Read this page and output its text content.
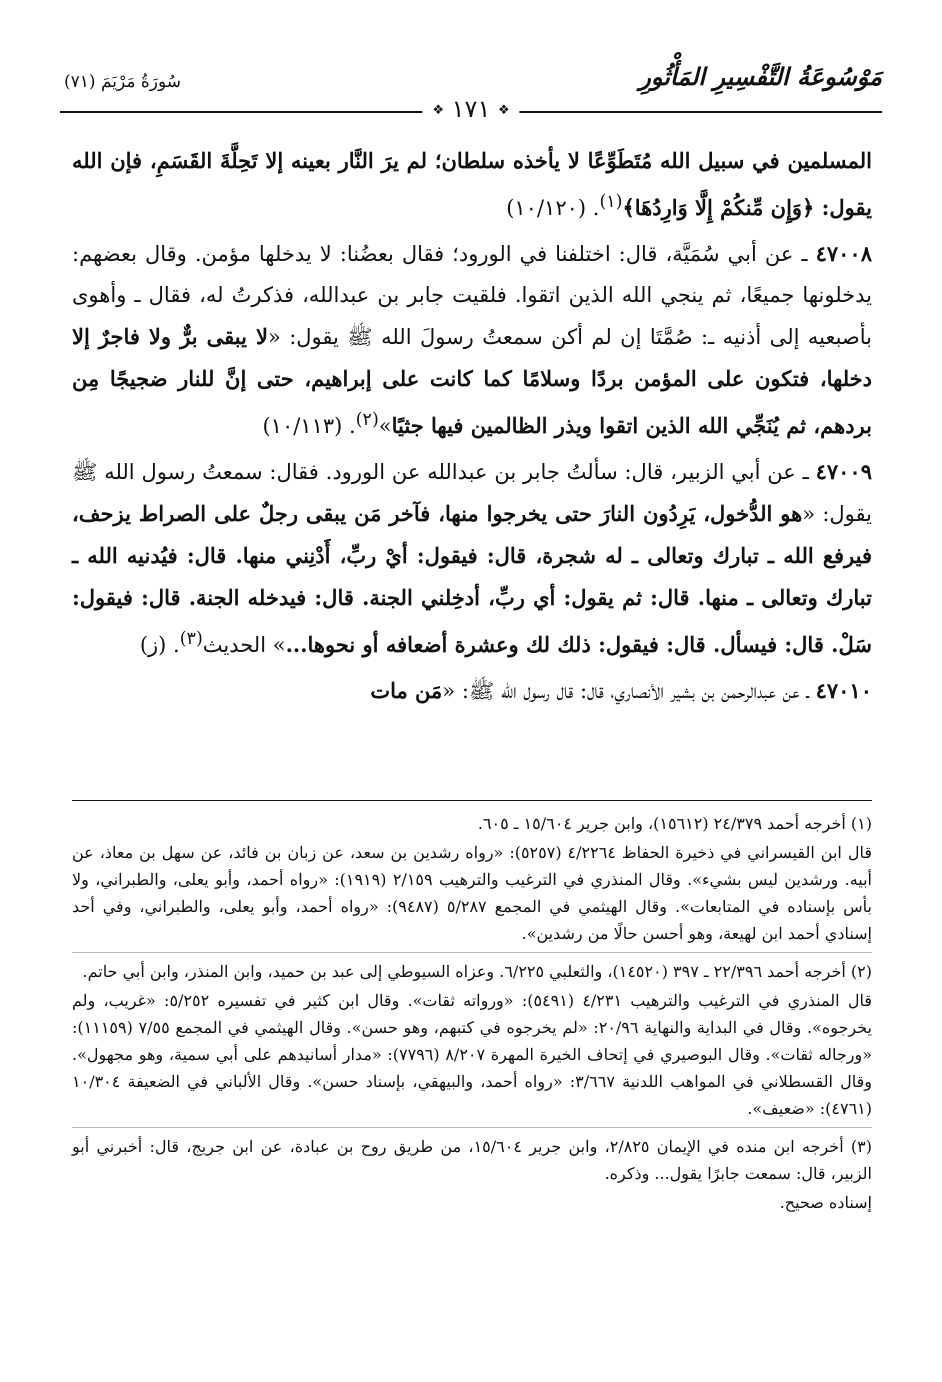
سُورَةُ مَرْيَمَ (٧١)	مَوْسُوعَةُ التَّفْسِيرِ المَأْثُورِ
❖ ١٧١ ❖

المسلمين في سبيل الله مُتَطَوِّعًا لا يأخذه سلطان؛ لم يرَ النَّار بعينه إلا تَحِلَّةَ القَسَمِ، فإن الله يقول: ﴿وَإِن مِّنكُمْ إِلَّا وَارِدُهَا﴾$^{(١)}$. (١٠/١٢٠)

٤٧٠٠٨ ـ عن أبي سُمَيَّة، قال: اختلفنا في الورود؛ فقال بعضُنا: لا يدخلها مؤمن. وقال بعضهم: يدخلونها جميعًا، ثم ينجي الله الذين اتقوا. فلقيت جابر بن عبدالله، فذكرتُ له، فقال ـ وأهوى بأصبعيه إلى أذنيه ـ: صُمَّتَا إن لم أكن سمعتُ رسولَ الله ﷺ يقول: «لا يبقى برٌّ ولا فاجرٌ إلا دخلها، فتكون على المؤمن بردًا وسلامًا كما كانت على إبراهيم، حتى إنَّ للنار ضجيجًا مِن بردهم، ثم يُنَجِّي الله الذين اتقوا ويذر الظالمين فيها جثيًا»$^{(٢)}$. (١٠/١١٣)

٤٧٠٠٩ ـ عن أبي الزبير، قال: سألتُ جابر بن عبدالله عن الورود. فقال: سمعتُ رسول الله ﷺ يقول: «هو الدُّخول، يَرِدُون النارَ حتى يخرجوا منها، فآخر مَن يبقى رجلٌ على الصراط يزحف، فيرفع الله ـ تبارك وتعالى ـ له شجرة، قال: فيقول: أيْ ربِّ، أَدْنِني منها. قال: فيُدنيه الله ـ تبارك وتعالى ـ منها. قال: ثم يقول: أي ربِّ، أدخِلني الجنة. قال: فيدخله الجنة. قال: فيقول: سَلْ. قال: فيسأل. قال: فيقول: ذلك لك وعشرة أضعافه أو نحوها...» الحديث$^{(٣)}$. (ز)

٤٧٠١٠ ـ عن عبدالرحمن بن بشير الأنصاري، قال: قال رسول الله ﷺ: «مَن مات

(١) أخرجه أحمد ٢٤/٣٧٩ (١٥٦١٢)، وابن جرير ١٥/٦٠٤ ـ ٦٠٥.

قال ابن القيسراني في ذخيرة الحفاظ ٤/٢٢٦٤ (٥٢٥٧): «رواه رشدين بن سعد، عن زبان بن فائد، عن سهل بن معاذ، عن أبيه. ورشدين ليس بشيء». وقال المنذري في الترغيب والترهيب ٢/١٥٩ (١٩١٩): «رواه أحمد، وأبو يعلى، والطبراني، ولا بأس بإسناده في المتابعات». وقال الهيثمي في المجمع ٥/٢٨٧ (٩٤٨٧): «رواه أحمد، وأبو يعلى، والطبراني، وفي أحد إسنادي أحمد ابن لهيعة، وهو أحسن حالًا من رشدين».

(٢) أخرجه أحمد ٢٢/٣٩٦ ـ ٣٩٧ (١٤٥٢٠)، والثعلبي ٦/٢٢٥. وعزاه السيوطي إلى عبد بن حميد، وابن المنذر، وابن أبي حاتم.

قال المنذري في الترغيب والترهيب ٤/٢٣١ (٥٤٩١): «ورواته ثقات». وقال ابن كثير في تفسيره ٥/٢٥٢: «غريب، ولم يخرجوه». وقال في البداية والنهاية ٢٠/٩٦: «لم يخرجوه في كتبهم، وهو حسن». وقال الهيثمي في المجمع ٧/٥٥ (١١١٥٩): «ورجاله ثقات». وقال البوصيري في إتحاف الخيرة المهرة ٨/٢٠٧ (٧٧٩٦): «مدار أسانيدهم على أبي سمية، وهو مجهول». وقال القسطلاني في المواهب اللدنية ٣/٦٦٧: «رواه أحمد، والبيهقي، بإسناد حسن». وقال الألباني في الضعيفة ١٠/٣٠٤ (٤٧٦١): «ضعيف».

(٣) أخرجه ابن منده في الإيمان ٢/٨٢٥، وابن جرير ١٥/٦٠٤، من طريق روح بن عبادة، عن ابن جريج، قال: أخبرني أبو الزبير، قال: سمعت جابرًا يقول... وذكره.

إسناده صحيح.
